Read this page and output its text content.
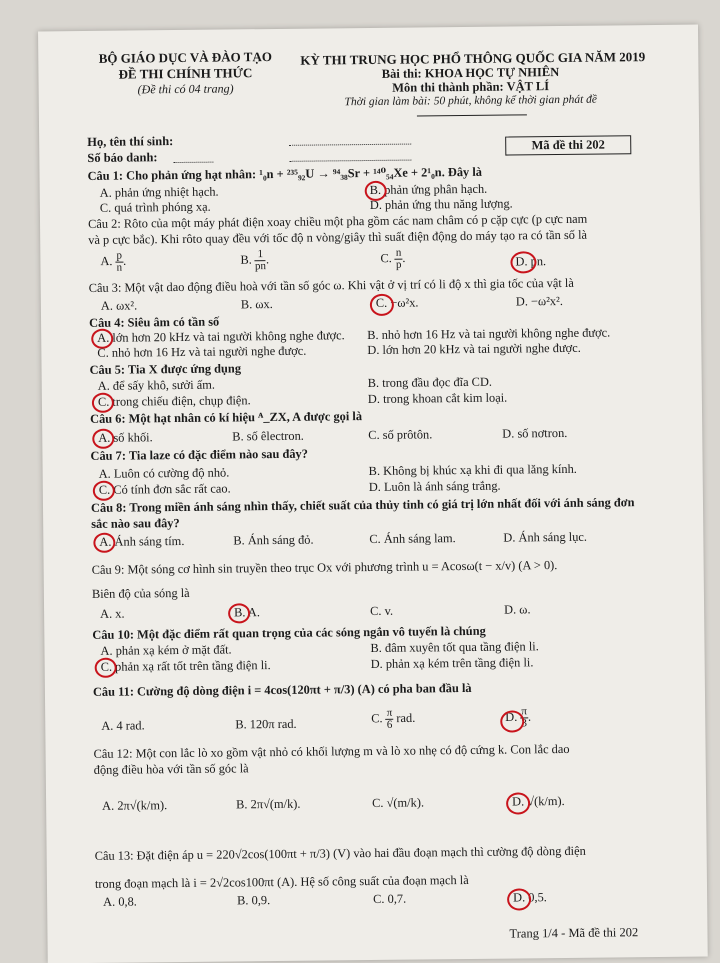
BỘ GIÁO DỤC VÀ ĐÀO TẠO
ĐỀ THI CHÍNH THỨC
(Đề thi có 04 trang)
KỲ THI TRUNG HỌC PHỔ THÔNG QUỐC GIA NĂM 2019
Bài thi: KHOA HỌC TỰ NHIÊN
Môn thi thành phần: VẬT LÍ
Thời gian làm bài: 50 phút, không kể thời gian phát đề
Họ, tên thí sinh:
Số báo danh:
Mã đề thi 202
Câu 1: Cho phản ứng hạt nhân: ¹₀n + ²³⁵₉₂U → ⁹⁴₃₈Sr + ¹⁴⁰₅₄Xe + 2¹₀n. Đây là
A. phản ứng nhiệt hạch.	B. phản ứng phân hạch.
C. quá trình phóng xạ.	D. phản ứng thu năng lượng.
Câu 2: Rôto của một máy phát điện xoay chiều một pha gồm các nam châm có p cặp cực (p cực nam
và p cực bắc). Khi rôto quay đều với tốc độ n vòng/giây thì suất điện động do máy tạo ra có tần số là
A. $\frac{p}{n}$ .	B. $\frac{1}{pn}$ .	C. $\frac{n}{p}$ .	D. pn.
Câu 3: Một vật dao động điều hoà với tần số góc ω. Khi vật ở vị trí có li độ x thì gia tốc của vật là
A. ωx².	B. ωx.	C. −ω²x.	D. −ω²x².
Câu 4: Siêu âm có tần số
A. lớn hơn 20 kHz và tai người không nghe được. B. nhỏ hơn 16 Hz và tai người không nghe được.
C. nhỏ hơn 16 Hz và tai người nghe được.	D. lớn hơn 20 kHz và tai người nghe được.
Câu 5: Tia X được ứng dụng
A. để sấy khô, sưởi ấm.	B. trong đầu đọc đĩa CD.
C. trong chiếu điện, chụp điện.	D. trong khoan cắt kim loại.
Câu 6: Một hạt nhân có kí hiệu ᴬ_ZX, A được gọi là
A. số khối.	B. số êlectron.	C. số prôtôn.	D. số nơtron.
Câu 7: Tia laze có đặc điểm nào sau đây?
A. Luôn có cường độ nhỏ.	B. Không bị khúc xạ khi đi qua lăng kính.
C. Có tính đơn sắc rất cao.	D. Luôn là ánh sáng trắng.
Câu 8: Trong miền ánh sáng nhìn thấy, chiết suất của thủy tinh có giá trị lớn nhất đối với ánh sáng đơn
sắc nào sau đây?
A. Ánh sáng tím.	B. Ánh sáng đỏ.	C. Ánh sáng lam.	D. Ánh sáng lục.
Câu 9: Một sóng cơ hình sin truyền theo trục Ox với phương trình u = Acosω(t − x/v) (A > 0).
Biên độ của sóng là
A. x.	B. A.	C. v.	D. ω.
Câu 10: Một đặc điểm rất quan trọng của các sóng ngắn vô tuyến là chúng
A. phản xạ kém ở mặt đất.	B. đâm xuyên tốt qua tầng điện li.
C. phản xạ rất tốt trên tầng điện li.	D. phản xạ kém trên tầng điện li.
Câu 11: Cường độ dòng điện i = 4cos(120πt + π/3) (A) có pha ban đầu là
A. 4 rad.	B. 120π rad.	C. $\frac{\pi}{6}$ rad.	D. $\frac{\pi}{3}$ .
Câu 12: Một con lắc lò xo gồm vật nhỏ có khối lượng m và lò xo nhẹ có độ cứng k. Con lắc dao
động điều hòa với tần số góc là
A. 2π√(k/m).	B. 2π√(m/k).	C. √(m/k).	D. √(k/m).
Câu 13: Đặt điện áp u = 220√2cos(100πt + π/3) (V) vào hai đầu đoạn mạch thì cường độ dòng điện
trong đoạn mạch là i = 2√2cos100πt (A). Hệ số công suất của đoạn mạch là
A. 0,8.	B. 0,9.	C. 0,7.	D. 0,5.
Trang 1/4 - Mã đề thi 202
